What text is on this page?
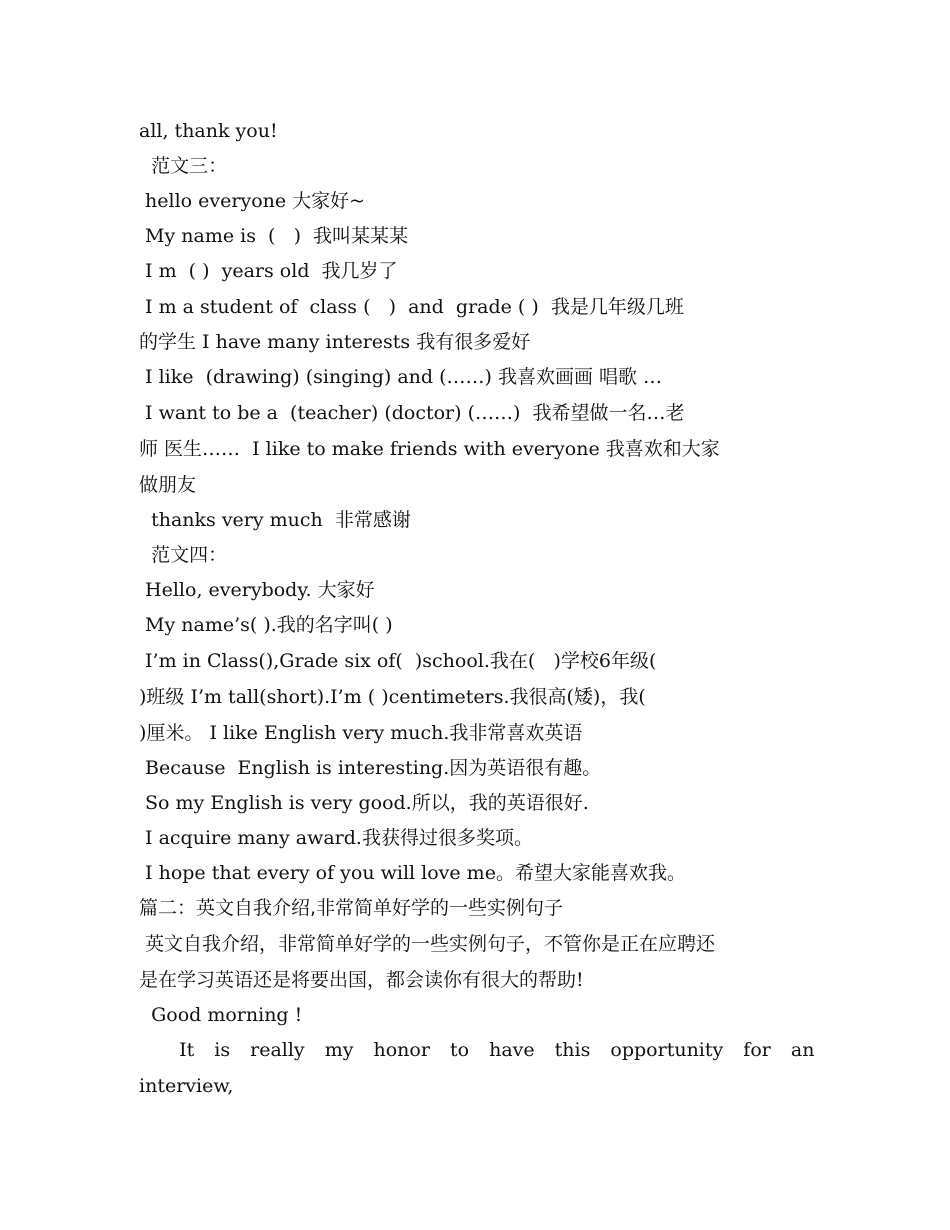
all, thank you!
范文三：
hello everyone 大家好~
My name is  (   )  我叫某某某
I m  ( )  years old  我几岁了
I m a student of  class (   )  and  grade ( )  我是几年级几班
的学生 I have many interests 我有很多爱好
I like  (drawing) (singing) and (……) 我喜欢画画 唱歌 …
I want to be a  (teacher) (doctor) (……)  我希望做一名…老
师 医生……  I like to make friends with everyone 我喜欢和大家
做朋友
thanks very much  非常感谢
范文四：
Hello, everybody. 大家好
My name’s( ).我的名字叫( )
I’m in Class(),Grade six of(  )school.我在(   )学校6年级(
)班级 I’m tall(short).I’m ( )centimeters.我很高(矮)，我(
)厘米。 I like English very much.我非常喜欢英语
Because  English is interesting.因为英语很有趣。
So my English is very good.所以，我的英语很好.
I acquire many award.我获得过很多奖项。
I hope that every of you will love me。希望大家能喜欢我。
篇二：英文自我介绍,非常简单好学的一些实例句子
英文自我介绍，非常简单好学的一些实例句子，不管你是正在应聘还
是在学习英语还是将要出国，都会读你有很大的帮助!
Good morning !
It is really my honor to have this opportunity for an
interview,
